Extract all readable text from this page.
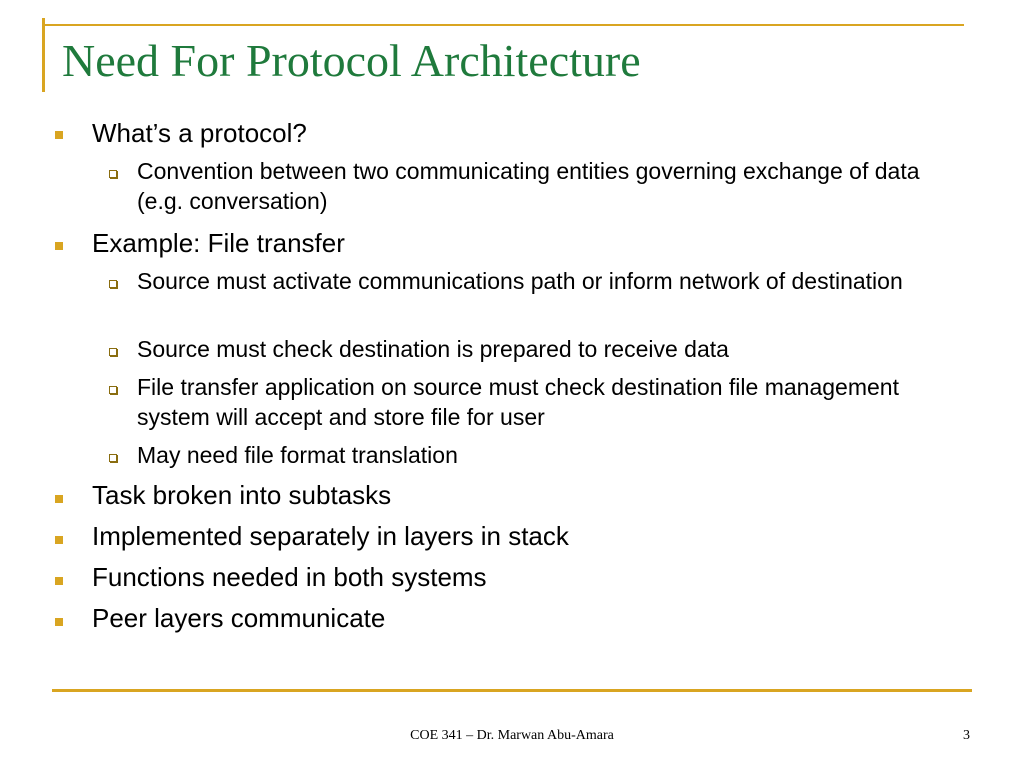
Need For Protocol Architecture
What’s a protocol?
Convention between two communicating entities governing exchange of data (e.g. conversation)
Example: File transfer
Source must activate communications path or inform network of destination
Source must check destination is prepared to receive data
File transfer application on source must check destination file management system will accept and store file for user
May need file format translation
Task broken into subtasks
Implemented separately in layers in stack
Functions needed in both systems
Peer layers communicate
COE 341 – Dr. Marwan Abu-Amara	3
